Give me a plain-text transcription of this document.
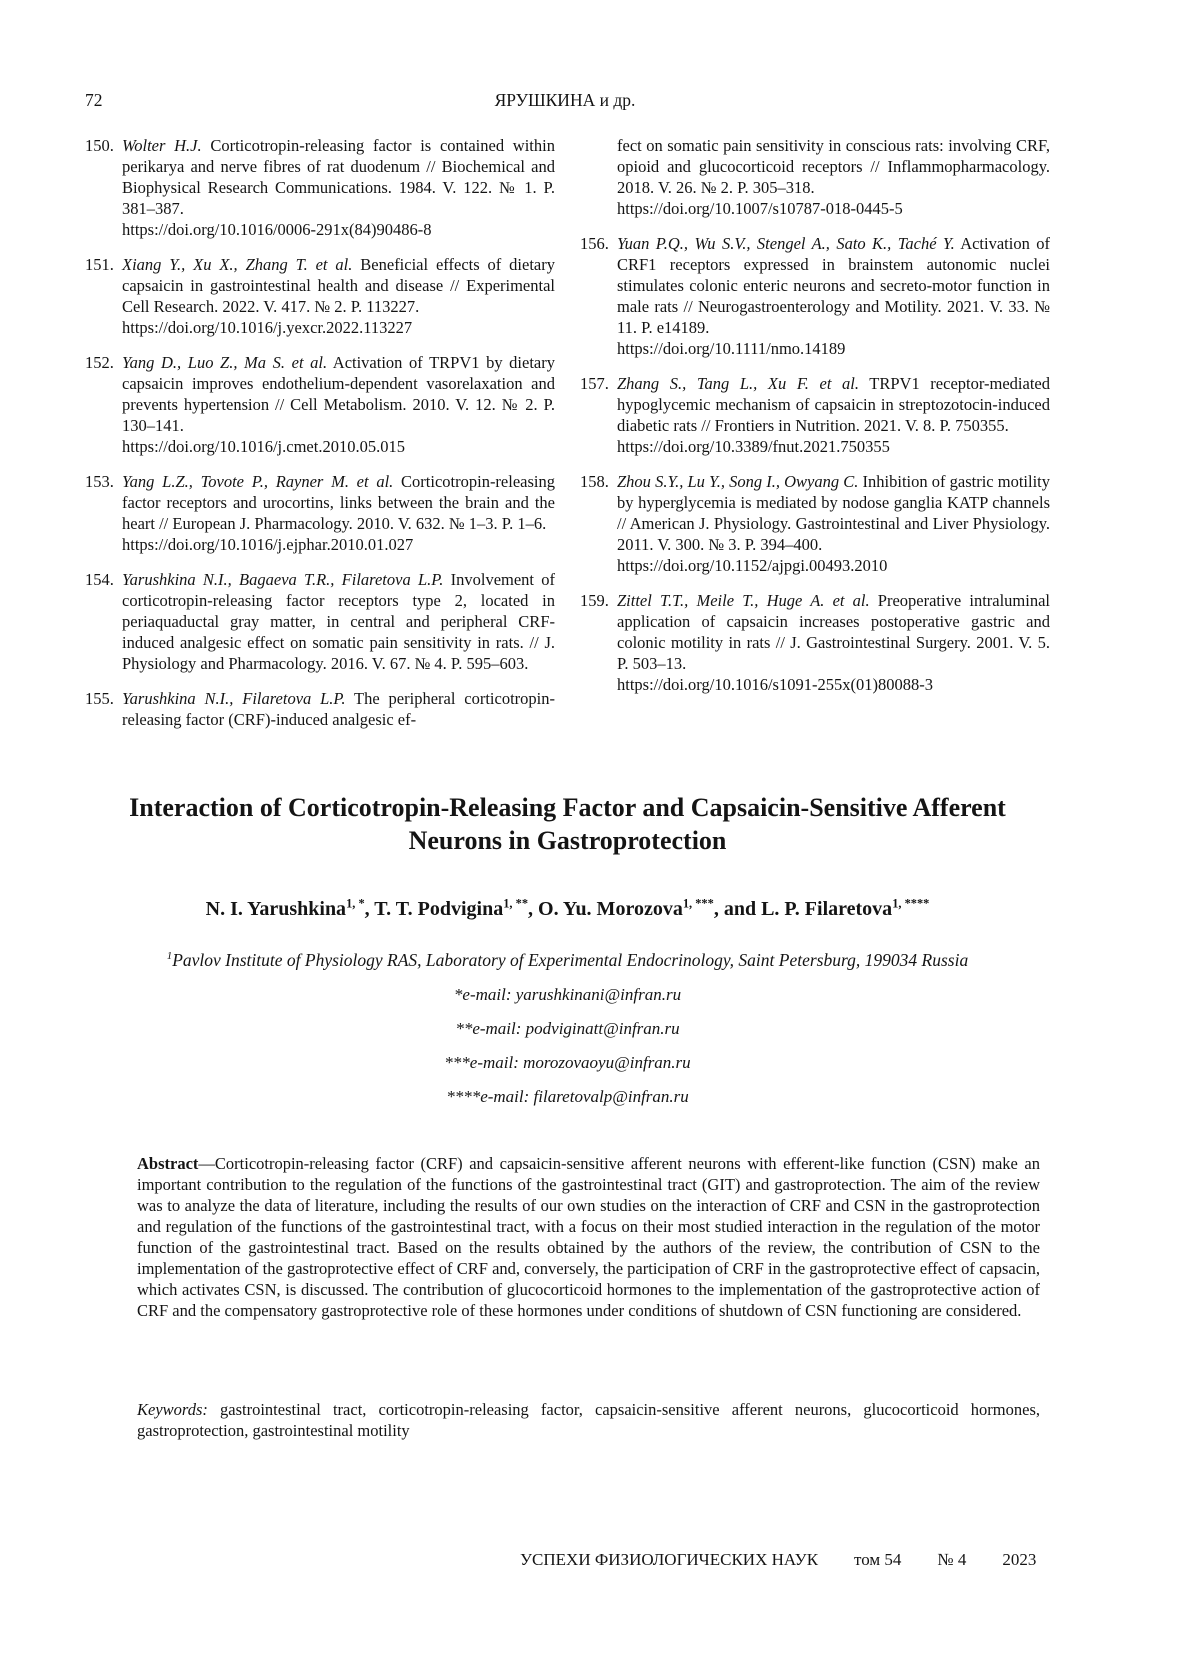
72	ЯРУШКИНА и др.
150. Wolter H.J. Corticotropin-releasing factor is contained within perikarya and nerve fibres of rat duodenum // Biochemical and Biophysical Research Communications. 1984. V. 122. № 1. P. 381–387.
https://doi.org/10.1016/0006-291x(84)90486-8
151. Xiang Y., Xu X., Zhang T. et al. Beneficial effects of dietary capsaicin in gastrointestinal health and disease // Experimental Cell Research. 2022. V. 417. № 2. P. 113227.
https://doi.org/10.1016/j.yexcr.2022.113227
152. Yang D., Luo Z., Ma S. et al. Activation of TRPV1 by dietary capsaicin improves endothelium-dependent vasorelaxation and prevents hypertension // Cell Metabolism. 2010. V. 12. № 2. P. 130–141.
https://doi.org/10.1016/j.cmet.2010.05.015
153. Yang L.Z., Tovote P., Rayner M. et al. Corticotropin-releasing factor receptors and urocortins, links between the brain and the heart // European J. Pharmacology. 2010. V. 632. № 1–3. P. 1–6.
https://doi.org/10.1016/j.ejphar.2010.01.027
154. Yarushkina N.I., Bagaeva T.R., Filaretova L.P. Involvement of corticotropin-releasing factor receptors type 2, located in periaquaductal gray matter, in central and peripheral CRF-induced analgesic effect on somatic pain sensitivity in rats. // J. Physiology and Pharmacology. 2016. V. 67. № 4. P. 595–603.
155. Yarushkina N.I., Filaretova L.P. The peripheral corticotropin-releasing factor (CRF)-induced analgesic ef-
fect on somatic pain sensitivity in conscious rats: involving CRF, opioid and glucocorticoid receptors // Inflammopharmacology. 2018. V. 26. № 2. P. 305–318.
https://doi.org/10.1007/s10787-018-0445-5
156. Yuan P.Q., Wu S.V., Stengel A., Sato K., Taché Y. Activation of CRF1 receptors expressed in brainstem autonomic nuclei stimulates colonic enteric neurons and secreto-motor function in male rats // Neurogastroenterology and Motility. 2021. V. 33. № 11. P. e14189.
https://doi.org/10.1111/nmo.14189
157. Zhang S., Tang L., Xu F. et al. TRPV1 receptor-mediated hypoglycemic mechanism of capsaicin in streptozotocin-induced diabetic rats // Frontiers in Nutrition. 2021. V. 8. P. 750355.
https://doi.org/10.3389/fnut.2021.750355
158. Zhou S.Y., Lu Y., Song I., Owyang C. Inhibition of gastric motility by hyperglycemia is mediated by nodose ganglia KATP channels // American J. Physiology. Gastrointestinal and Liver Physiology. 2011. V. 300. № 3. P. 394–400.
https://doi.org/10.1152/ajpgi.00493.2010
159. Zittel T.T., Meile T., Huge A. et al. Preoperative intraluminal application of capsaicin increases postoperative gastric and colonic motility in rats // J. Gastrointestinal Surgery. 2001. V. 5. P. 503–13.
https://doi.org/10.1016/s1091-255x(01)80088-3
Interaction of Corticotropin-Releasing Factor and Capsaicin-Sensitive Afferent Neurons in Gastroprotection
N. I. Yarushkina$^{1, *}$, T. T. Podvigina$^{1, **}$, O. Yu. Morozova$^{1, ***}$, and L. P. Filaretova$^{1, ****}$
$^1$Pavlov Institute of Physiology RAS, Laboratory of Experimental Endocrinology, Saint Petersburg, 199034 Russia
*e-mail: yarushkinani@infran.ru
**e-mail: podviginatt@infran.ru
***e-mail: morozovaoyu@infran.ru
****e-mail: filaretovalp@infran.ru
Abstract—Corticotropin-releasing factor (CRF) and capsaicin-sensitive afferent neurons with efferent-like function (CSN) make an important contribution to the regulation of the functions of the gastrointestinal tract (GIT) and gastroprotection. The aim of the review was to analyze the data of literature, including the results of our own studies on the interaction of CRF and CSN in the gastroprotection and regulation of the functions of the gastrointestinal tract, with a focus on their most studied interaction in the regulation of the motor function of the gastrointestinal tract. Based on the results obtained by the authors of the review, the contribution of CSN to the implementation of the gastroprotective effect of CRF and, conversely, the participation of CRF in the gastroprotective effect of capsacin, which activates CSN, is discussed. The contribution of glucocorticoid hormones to the implementation of the gastroprotective action of CRF and the compensatory gastroprotective role of these hormones under conditions of shutdown of CSN functioning are considered.
Keywords: gastrointestinal tract, corticotropin-releasing factor, capsaicin-sensitive afferent neurons, glucocorticoid hormones, gastroprotection, gastrointestinal motility
УСПЕХИ ФИЗИОЛОГИЧЕСКИХ НАУК том 54 № 4 2023
